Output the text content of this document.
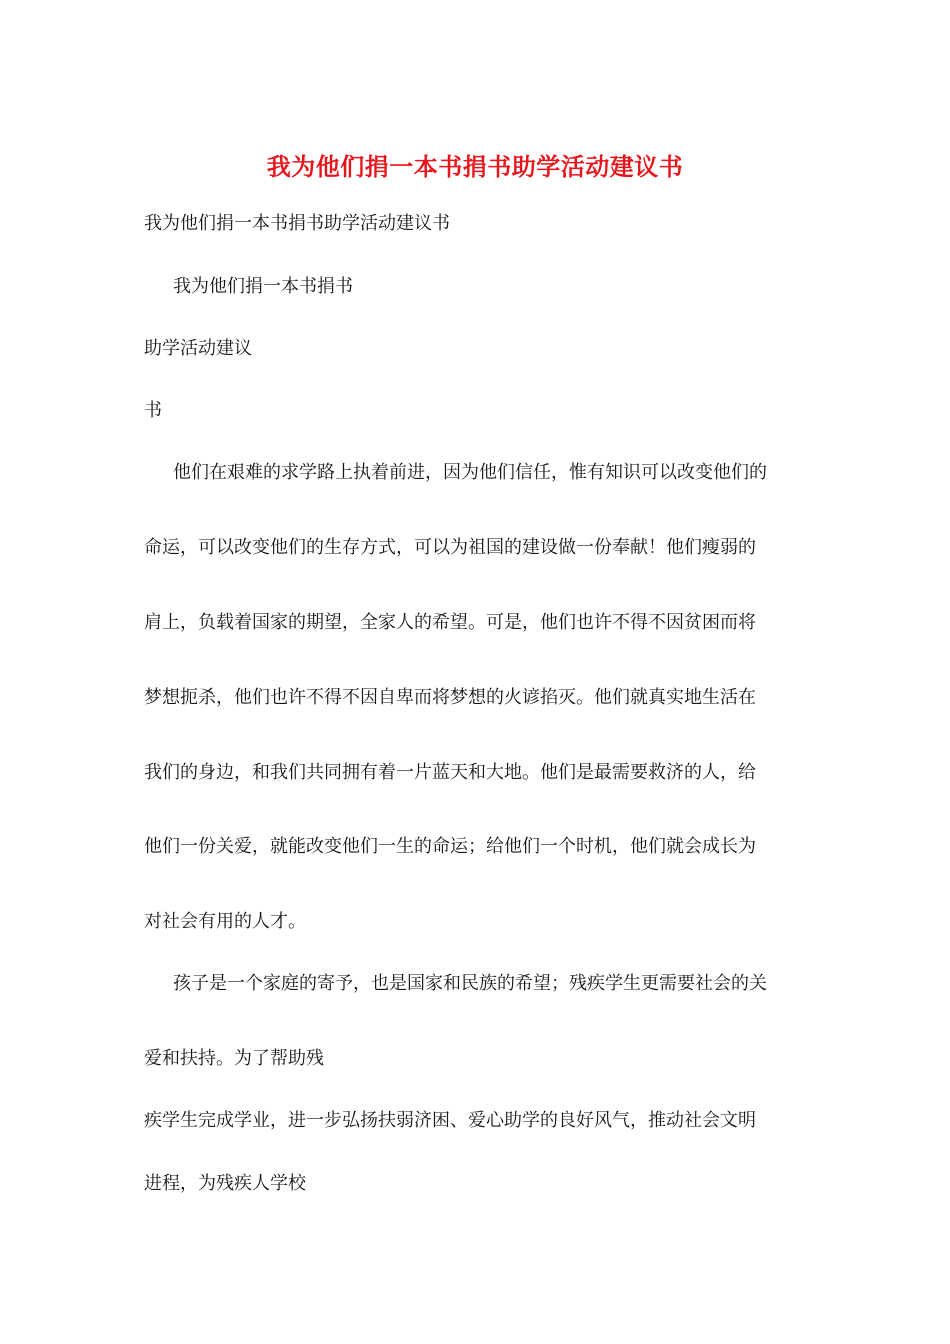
我为他们捐一本书捐书助学活动建议书
我为他们捐一本书捐书助学活动建议书
我为他们捐一本书捐书
助学活动建议
书
他们在艰难的求学路上执着前进，因为他们信任，惟有知识可以改变他们的
命运，可以改变他们的生存方式，可以为祖国的建设做一份奉献！他们瘦弱的
肩上，负载着国家的期望，全家人的希望。可是，他们也许不得不因贫困而将
梦想扼杀，他们也许不得不因自卑而将梦想的火谚掐灭。他们就真实地生活在
我们的身边，和我们共同拥有着一片蓝天和大地。他们是最需要救济的人，给
他们一份关爱，就能改变他们一生的命运；给他们一个时机，他们就会成长为
对社会有用的人才。
孩子是一个家庭的寄予，也是国家和民族的希望；残疾学生更需要社会的关
爱和扶持。为了帮助残
疾学生完成学业，进一步弘扬扶弱济困、爱心助学的良好风气，推动社会文明
进程，为残疾人学校
